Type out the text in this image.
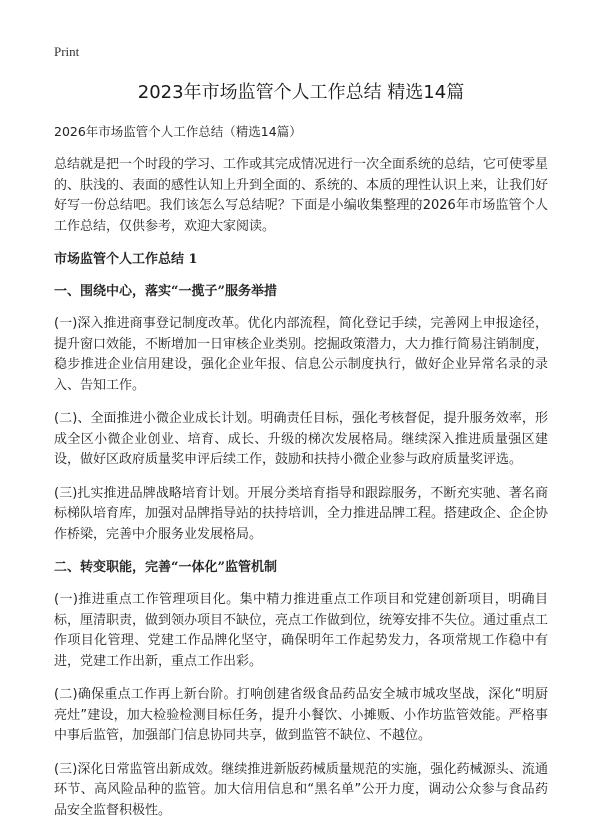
Print
2023年市场监管个人工作总结 精选14篇

2026年市场监管个人工作总结（精选14篇）

总结就是把一个时段的学习、工作或其完成情况进行一次全面系统的总结，它可使零星的、肤浅的、表面的感性认知上升到全面的、系统的、本质的理性认识上来，让我们好好写一份总结吧。我们该怎么写总结呢？下面是小编收集整理的2026年市场监管个人工作总结，仅供参考，欢迎大家阅读。

市场监管个人工作总结 1

一、围绕中心，落实“一揽子”服务举措

(一)深入推进商事登记制度改革。优化内部流程，简化登记手续，完善网上申报途径，提升窗口效能，不断增加一日审核企业类别。挖掘政策潜力，大力推行简易注销制度，稳步推进企业信用建设，强化企业年报、信息公示制度执行，做好企业异常名录的录入、告知工作。

(二)、全面推进小微企业成长计划。明确责任目标，强化考核督促，提升服务效率，形成全区小微企业创业、培育、成长、升级的梯次发展格局。继续深入推进质量强区建设，做好区政府质量奖申评后续工作，鼓励和扶持小微企业参与政府质量奖评选。

(三)扎实推进品牌战略培育计划。开展分类培育指导和跟踪服务，不断充实驰、著名商标梯队培育库，加强对品牌指导站的扶持培训，全力推进品牌工程。搭建政企、企企协作桥梁，完善中介服务业发展格局。

二、转变职能，完善“一体化”监管机制

(一)推进重点工作管理项目化。集中精力推进重点工作项目和党建创新项目，明确目标，厘清职责，做到领办项目不缺位，亮点工作做到位，统筹安排不失位。通过重点工作项目化管理、党建工作品牌化坚守，确保明年工作起势发力，各项常规工作稳中有进，党建工作出新，重点工作出彩。

(二)确保重点工作再上新台阶。打响创建省级食品药品安全城市城攻坚战，深化“明厨亮灶”建设，加大检验检测目标任务，提升小餐饮、小摊贩、小作坊监管效能。严格事中事后监管，加强部门信息协同共享，做到监管不缺位、不越位。

(三)深化日常监管出新成效。继续推进新版药械质量规范的实施，强化药械源头、流通环节、高风险品种的监管。加大信用信息和“黑名单”公开力度，调动公众参与食品药品安全监督积极性。
